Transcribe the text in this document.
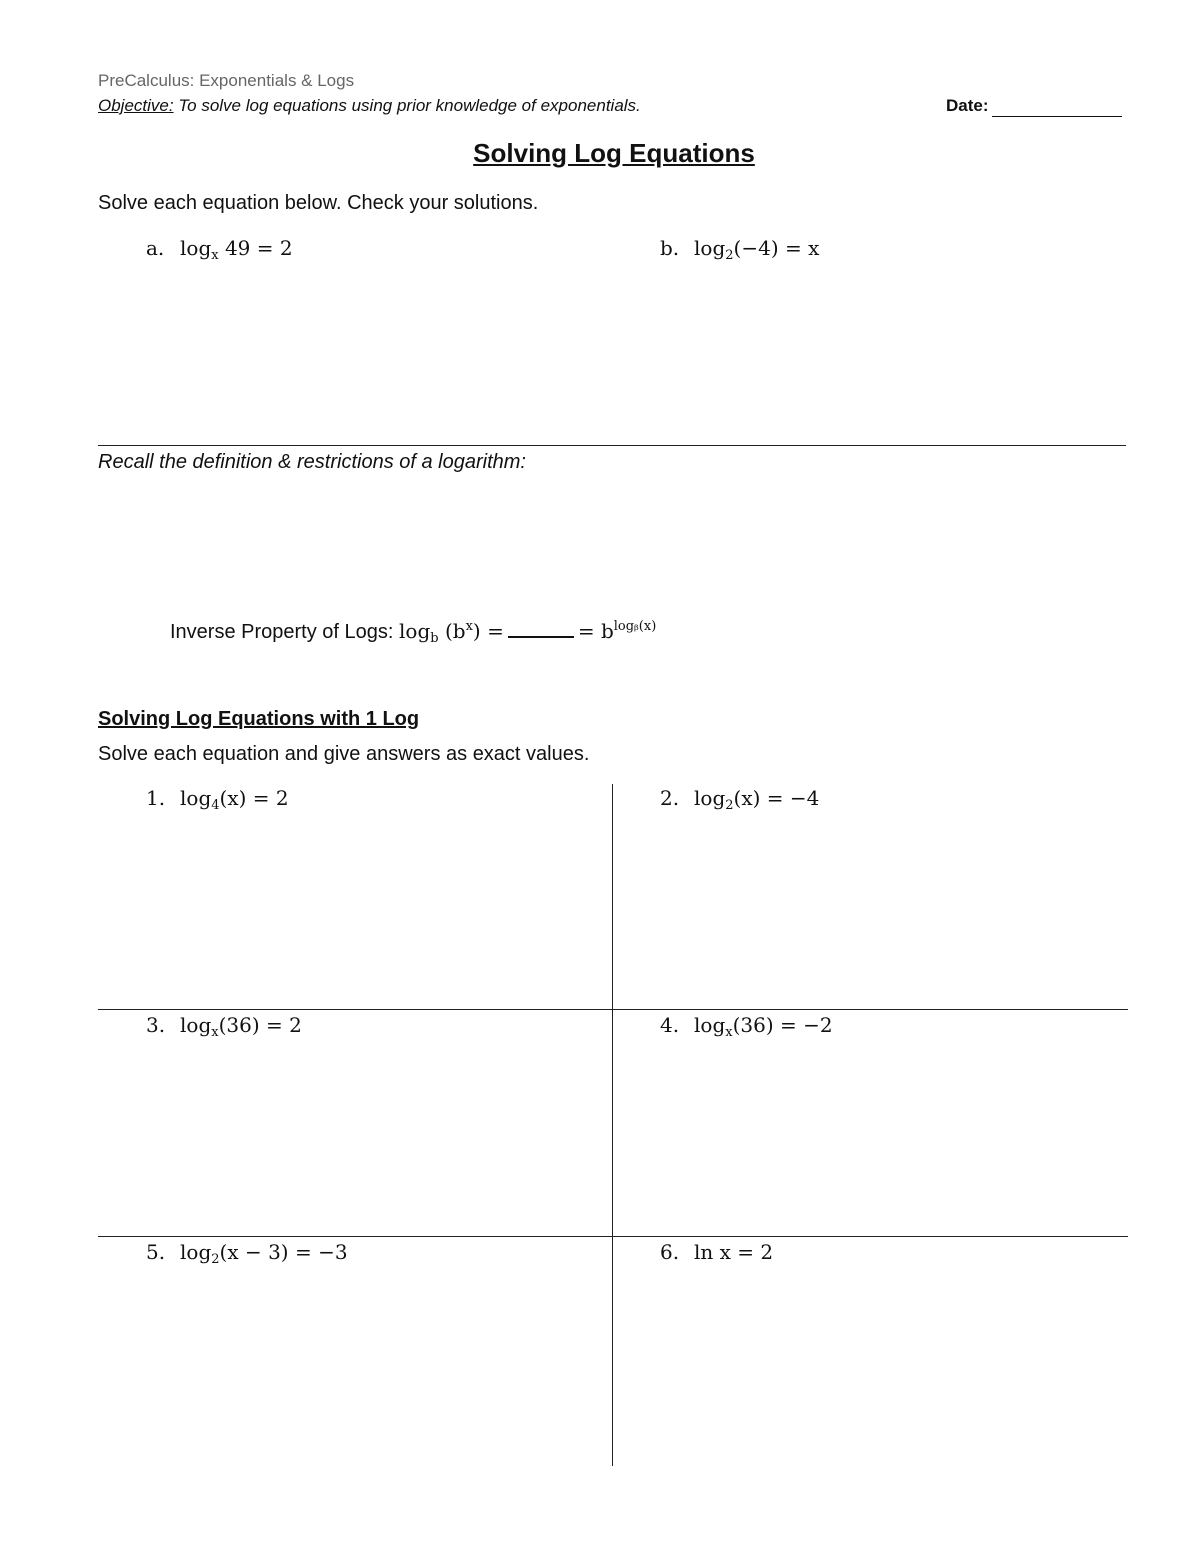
PreCalculus: Exponentials & Logs
Objective: To solve log equations using prior knowledge of exponentials.	Date:
Solving Log Equations
Solve each equation below. Check your solutions.
a. $\log_x 49 = 2$	b. $\log_2(-4) = x$
Recall the definition & restrictions of a logarithm:
Inverse Property of Logs: $\log_b (b^x)$ =	= $b^{logᵦ(x)}$
Solving Log Equations with 1 Log
Solve each equation and give answers as exact values.
1. $\log_4(x) = 2$	2. $\log_2(x) = -4$
3. $\log_x(36) = 2$	4. $\log_x(36) = -2$
5. $\log_2(x - 3) = -3$	6. ln x = 2
